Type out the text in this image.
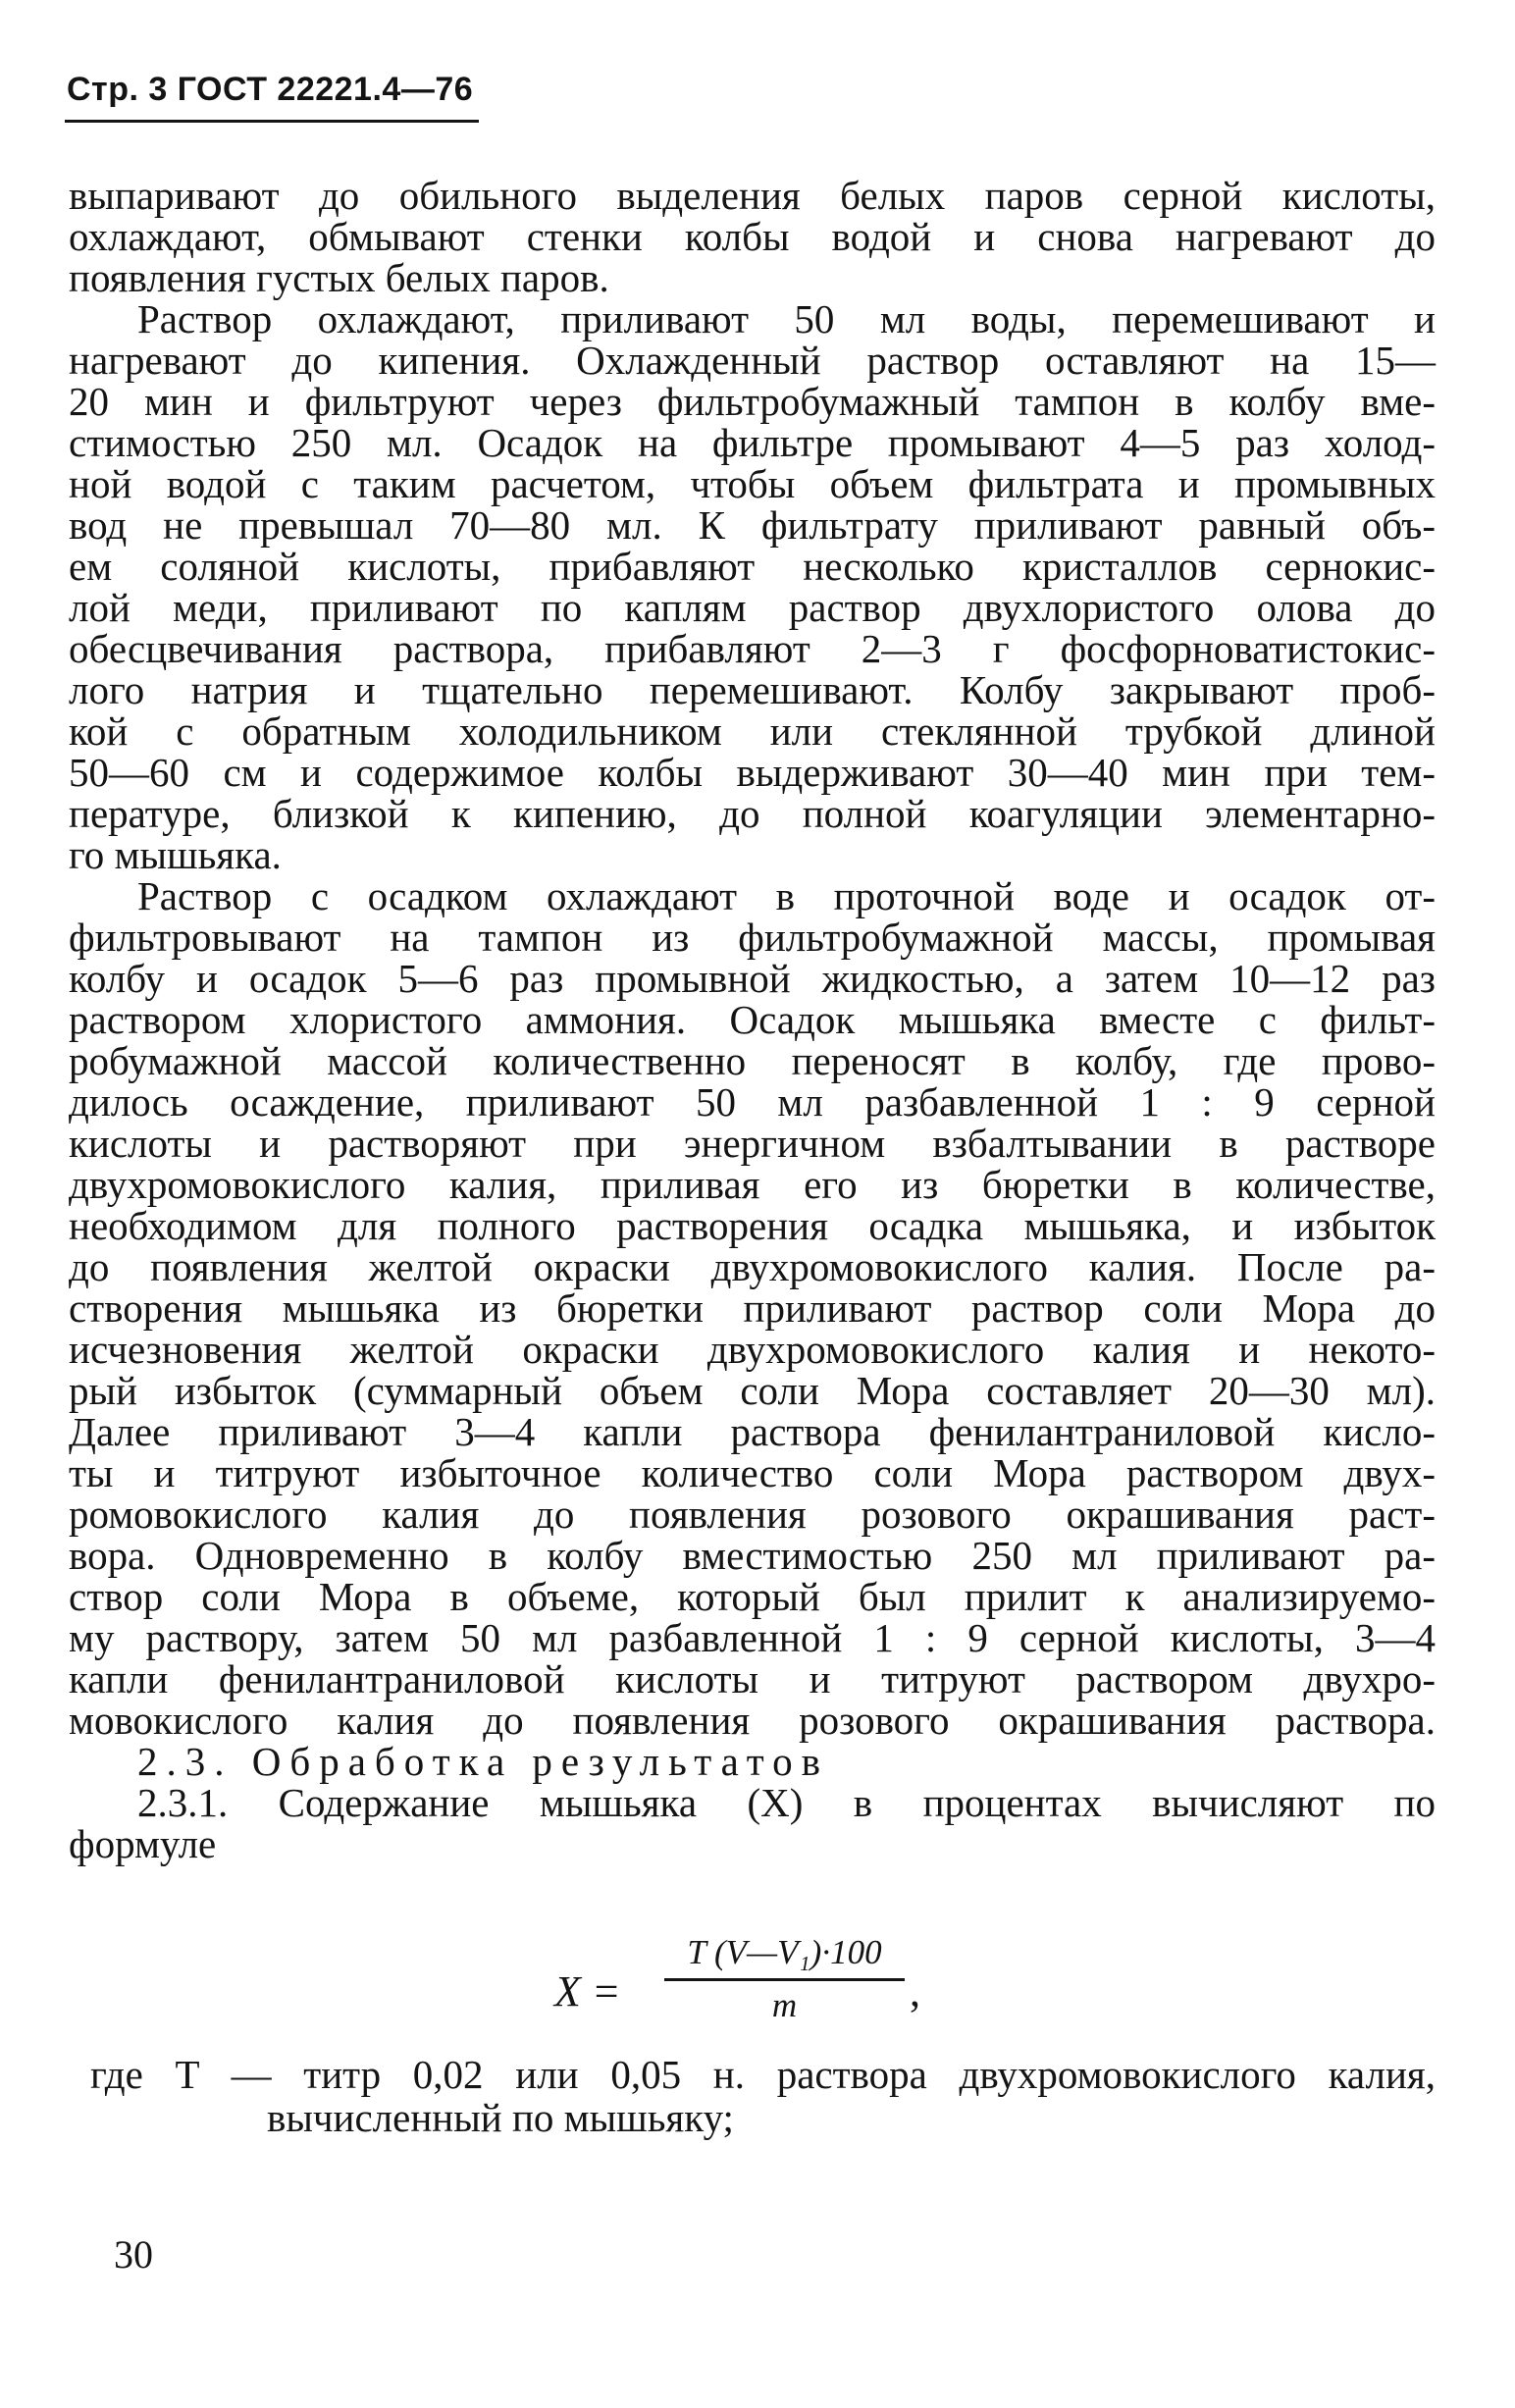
Стр. 3 ГОСТ 22221.4—76
выпаривают до обильного выделения белых паров серной кислоты,
охлаждают, обмывают стенки колбы водой и снова нагревают до
появления густых белых паров.
Раствор охлаждают, приливают 50 мл воды, перемешивают и
нагревают до кипения. Охлажденный раствор оставляют на 15—
20 мин и фильтруют через фильтробумажный тампон в колбу вме-
стимостью 250 мл. Осадок на фильтре промывают 4—5 раз холод-
ной водой с таким расчетом, чтобы объем фильтрата и промывных
вод не превышал 70—80 мл. К фильтрату приливают равный объ-
ем соляной кислоты, прибавляют несколько кристаллов сернокис-
лой меди, приливают по каплям раствор двухлористого олова до
обесцвечивания раствора, прибавляют 2—3 г фосфорноватистокис-
лого натрия и тщательно перемешивают. Колбу закрывают проб-
кой с обратным холодильником или стеклянной трубкой длиной
50—60 см и содержимое колбы выдерживают 30—40 мин при тем-
пературе, близкой к кипению, до полной коагуляции элементарно-
го мышьяка.
Раствор с осадком охлаждают в проточной воде и осадок от-
фильтровывают на тампон из фильтробумажной массы, промывая
колбу и осадок 5—6 раз промывной жидкостью, а затем 10—12 раз
раствором хлористого аммония. Осадок мышьяка вместе с фильт-
робумажной массой количественно переносят в колбу, где прово-
дилось осаждение, приливают 50 мл разбавленной 1 : 9 серной
кислоты и растворяют при энергичном взбалтывании в растворе
двухромовокислого калия, приливая его из бюретки в количестве,
необходимом для полного растворения осадка мышьяка, и избыток
до появления желтой окраски двухромовокислого калия. После ра-
створения мышьяка из бюретки приливают раствор соли Мора до
исчезновения желтой окраски двухромовокислого калия и некото-
рый избыток (суммарный объем соли Мора составляет 20—30 мл).
Далее приливают 3—4 капли раствора фенилантраниловой кисло-
ты и титруют избыточное количество соли Мора раствором двух-
ромовокислого калия до появления розового окрашивания раст-
вора. Одновременно в колбу вместимостью 250 мл приливают ра-
створ соли Мора в объеме, который был прилит к анализируемо-
му раствору, затем 50 мл разбавленной 1 : 9 серной кислоты, 3—4
капли фенилантраниловой кислоты и титруют раствором двухро-
мовокислого калия до появления розового окрашивания раствора.
2.3. Обработка результатов
2.3.1. Содержание мышьяка (X) в процентах вычисляют по
формуле
X =
T (V—V₁)·100
m	,
где T — титр 0,02 или 0,05 н. раствора двухромовокислого калия,
вычисленный по мышьяку;
30
